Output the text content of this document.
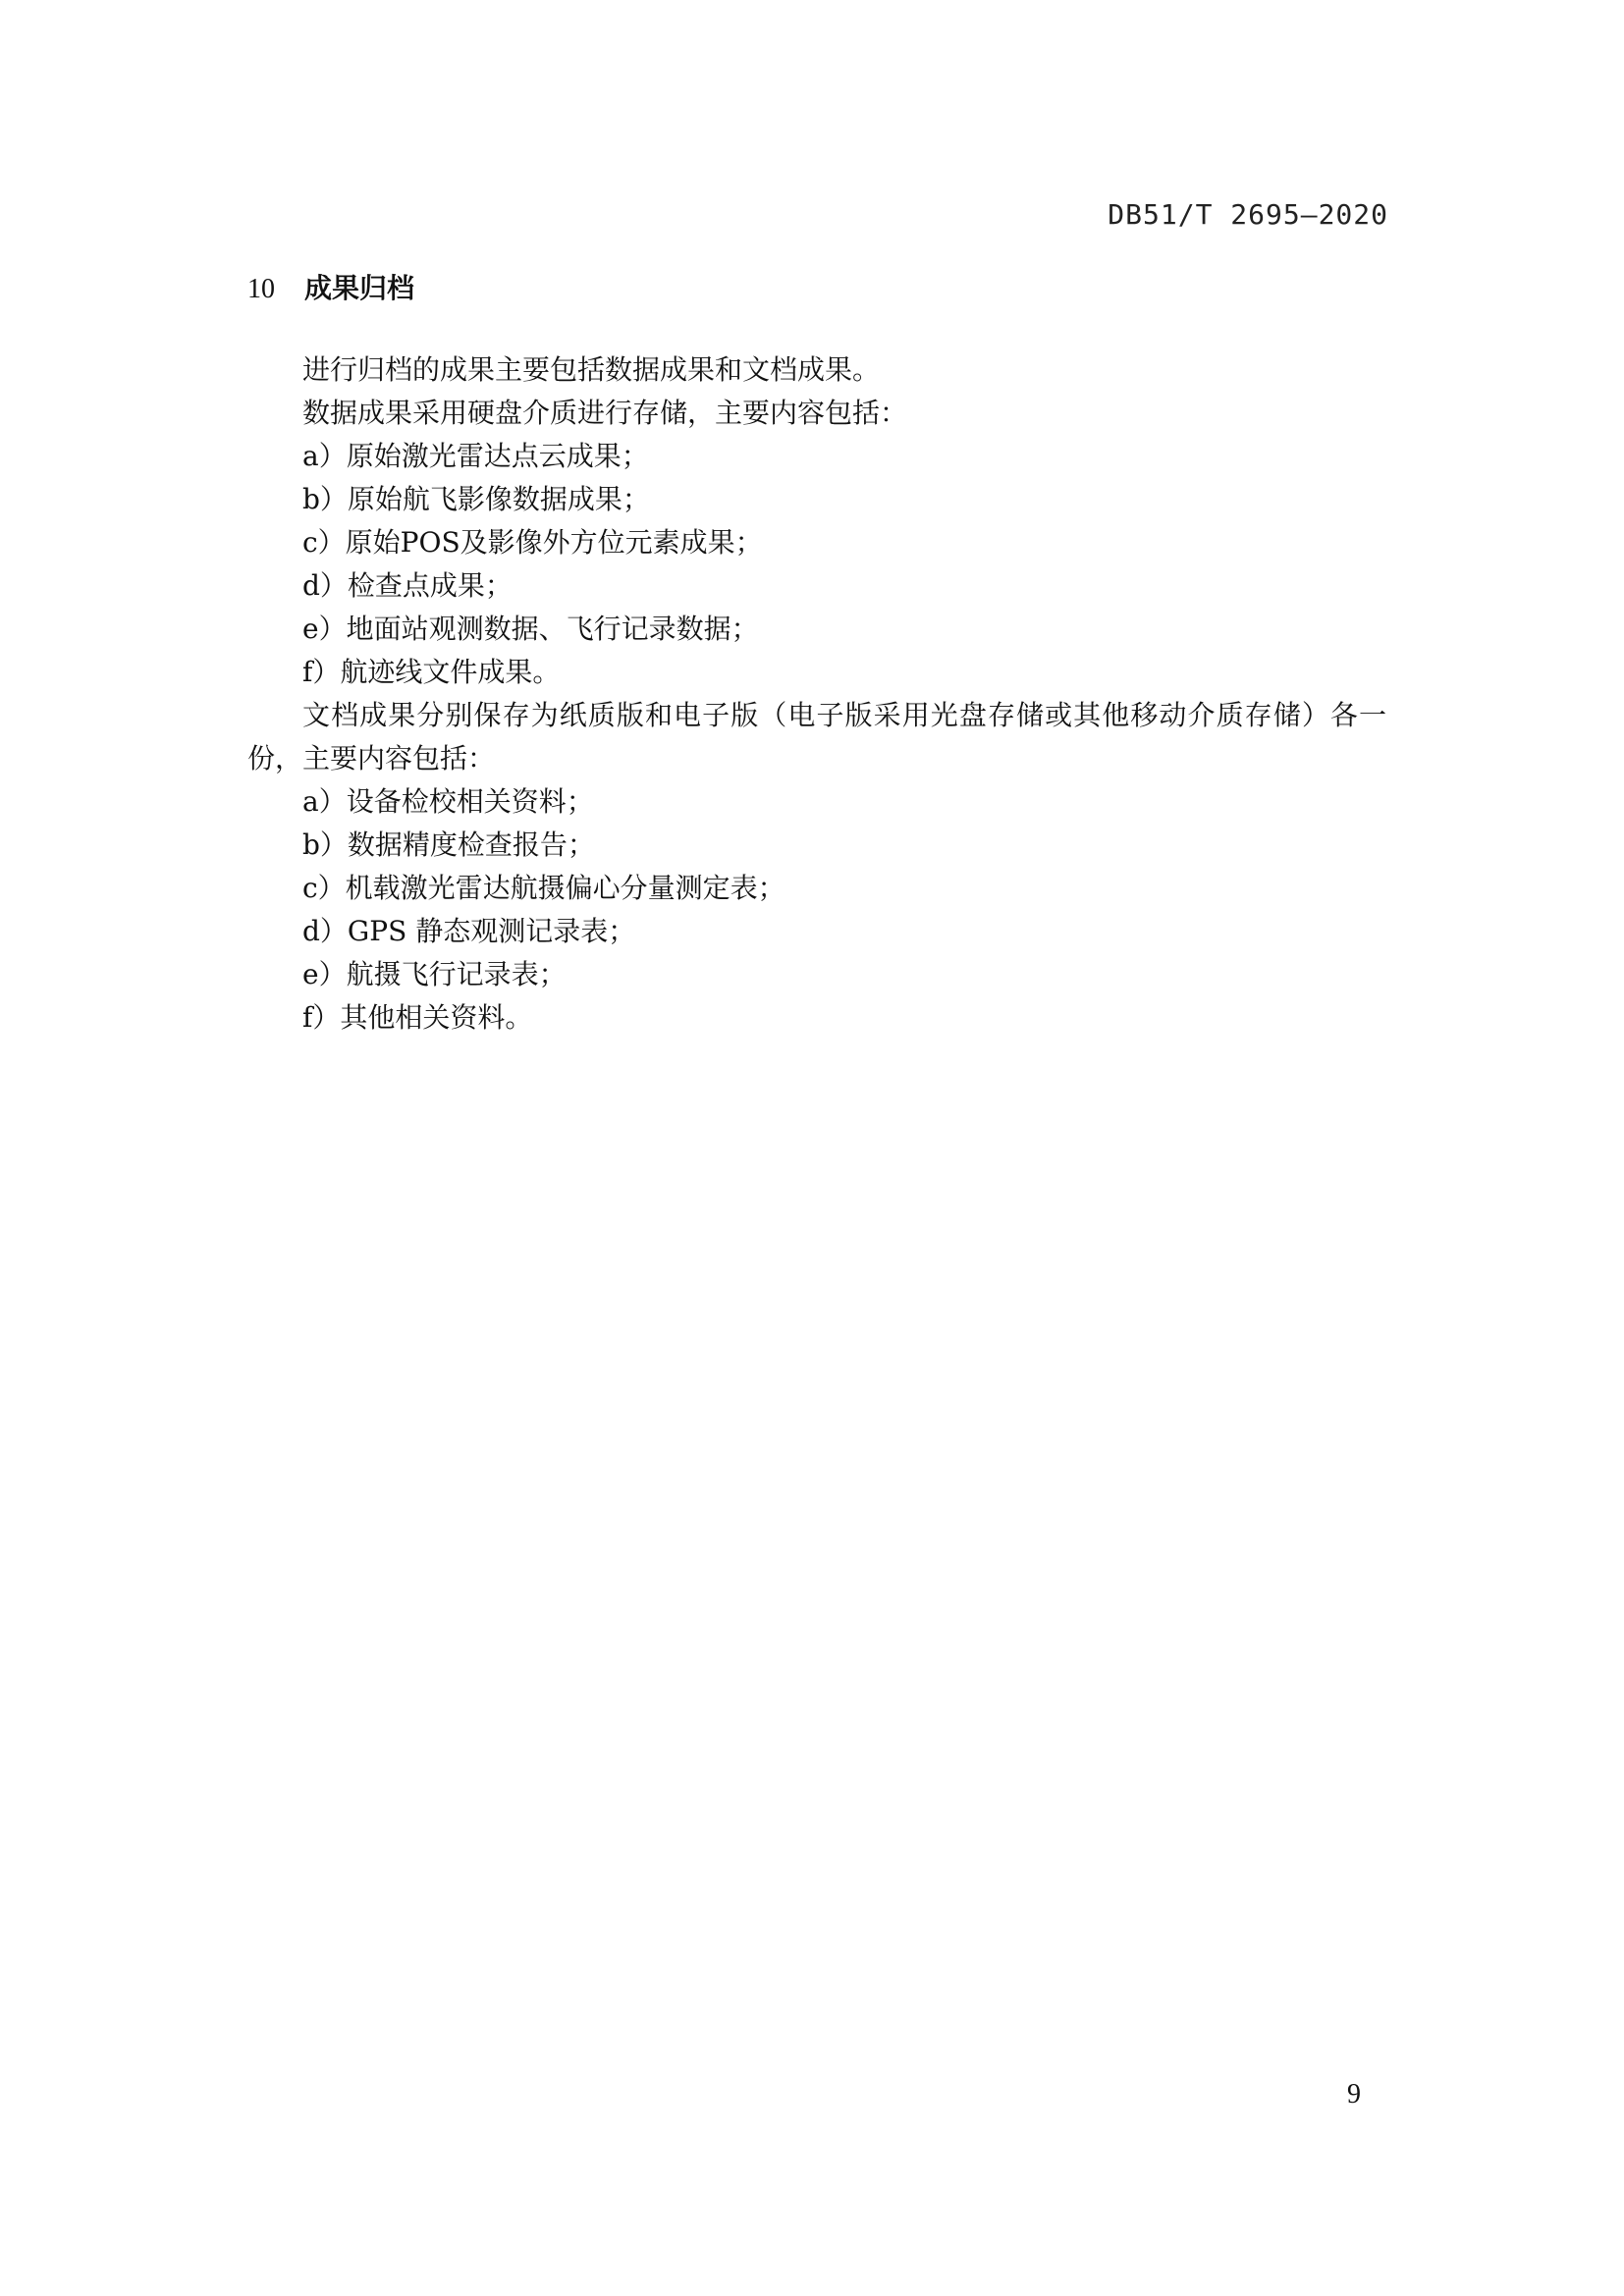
DB51/T 2695—2020
10 成果归档

进行归档的成果主要包括数据成果和文档成果。

数据成果采用硬盘介质进行存储，主要内容包括：

a）原始激光雷达点云成果；

b）原始航飞影像数据成果；

c）原始POS及影像外方位元素成果；

d）检查点成果；

e）地面站观测数据、飞行记录数据；

f）航迹线文件成果。

文档成果分别保存为纸质版和电子版（电子版采用光盘存储或其他移动介质存储）各一份，主要内容包括：

a）设备检校相关资料；

b）数据精度检查报告；

c）机载激光雷达航摄偏心分量测定表；

d）GPS 静态观测记录表；

e）航摄飞行记录表；

f）其他相关资料。

9
